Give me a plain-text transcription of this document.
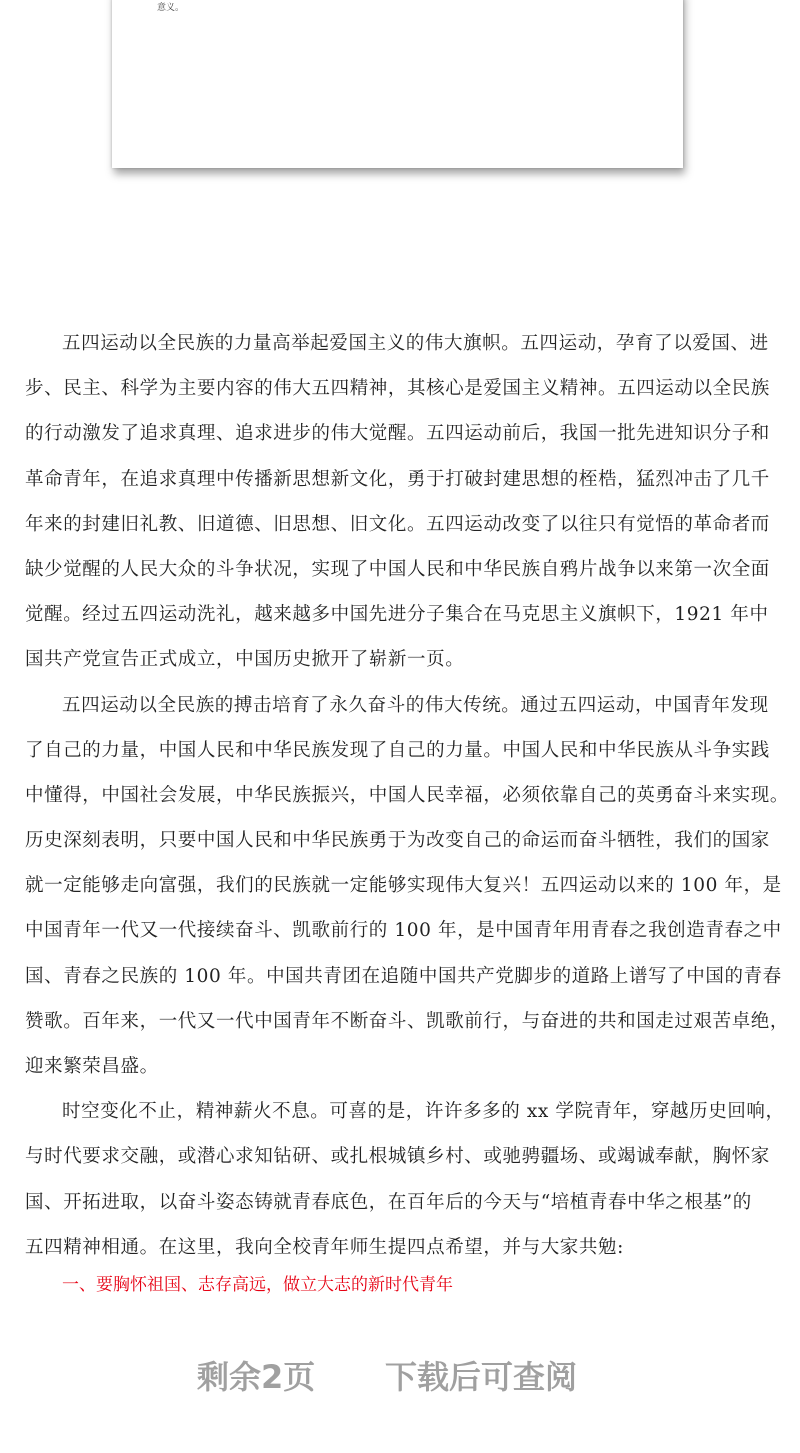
意义。
五四运动以全民族的力量高举起爱国主义的伟大旗帜。五四运动，孕育了以爱国、进
步、民主、科学为主要内容的伟大五四精神，其核心是爱国主义精神。五四运动以全民族
的行动激发了追求真理、追求进步的伟大觉醒。五四运动前后，我国一批先进知识分子和
革命青年，在追求真理中传播新思想新文化，勇于打破封建思想的桎梏，猛烈冲击了几千
年来的封建旧礼教、旧道德、旧思想、旧文化。五四运动改变了以往只有觉悟的革命者而
缺少觉醒的人民大众的斗争状况，实现了中国人民和中华民族自鸦片战争以来第一次全面
觉醒。经过五四运动洗礼，越来越多中国先进分子集合在马克思主义旗帜下，1921 年中
国共产党宣告正式成立，中国历史掀开了崭新一页。
五四运动以全民族的搏击培育了永久奋斗的伟大传统。通过五四运动，中国青年发现
了自己的力量，中国人民和中华民族发现了自己的力量。中国人民和中华民族从斗争实践
中懂得，中国社会发展，中华民族振兴，中国人民幸福，必须依靠自己的英勇奋斗来实现。
历史深刻表明，只要中国人民和中华民族勇于为改变自己的命运而奋斗牺牲，我们的国家
就一定能够走向富强，我们的民族就一定能够实现伟大复兴！五四运动以来的 100 年，是
中国青年一代又一代接续奋斗、凯歌前行的 100 年，是中国青年用青春之我创造青春之中
国、青春之民族的 100 年。中国共青团在追随中国共产党脚步的道路上谱写了中国的青春
赞歌。百年来，一代又一代中国青年不断奋斗、凯歌前行，与奋进的共和国走过艰苦卓绝，
迎来繁荣昌盛。
时空变化不止，精神薪火不息。可喜的是，许许多多的 xx 学院青年，穿越历史回响，
与时代要求交融，或潜心求知钻研、或扎根城镇乡村、或驰骋疆场、或竭诚奉献，胸怀家
国、开拓进取，以奋斗姿态铸就青春底色，在百年后的今天与“培植青春中华之根基”的
五四精神相通。在这里，我向全校青年师生提四点希望，并与大家共勉:
一、要胸怀祖国、志存高远，做立大志的新时代青年
剩余2页 下载后可查阅
